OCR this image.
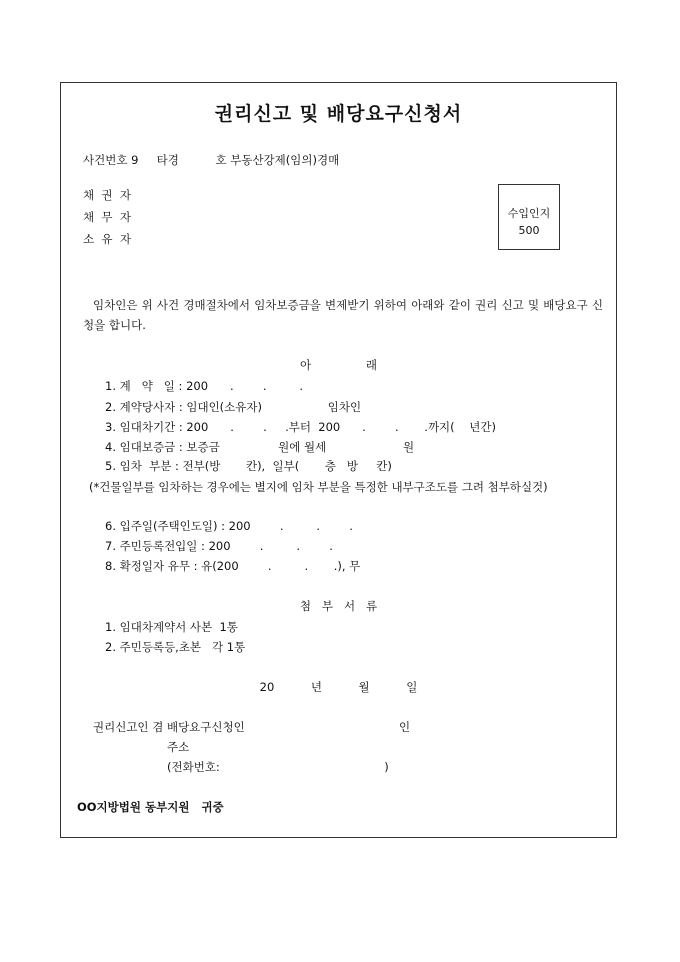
권리신고 및 배당요구신청서
사건번호 9     타경          호 부동산강제(임의)경매
채  권  자
채  무  자
소  유  자
수입인지
500
임차인은 위 사건 경매절차에서 임차보증금을 변제받기 위하여 아래와 같이 권리 신고 및 배당요구 신청을 합니다.
아               래
1. 계   약   일 : 200      .        .         .
2. 계약당사자 : 임대인(소유자)                  임차인
3. 임대차기간 : 200      .        .     .부터  200      .        .       .까지(    년간)
4. 임대보증금 : 보증금                원에 월세                     원
5. 임차  부분 : 전부(방       칸),  일부(       층   방     칸)
(*건물일부를 임차하는 경우에는 별지에 임차 부분을 특정한 내부구조도를 그려 첨부하실것)
6. 입주일(주택인도일) : 200        .         .        .
7. 주민등록전입일 : 200        .         .        .
8. 확정일자 유무 : 유(200        .         .       .), 무
첨   부   서   류
1. 임대차계약서 사본  1통
2. 주민등록등,초본   각 1통
20          년          월          일
권리신고인 겸 배당요구신청인	인
주소
(전화번호:                                             )
OO지방법원 동부지원   귀중
